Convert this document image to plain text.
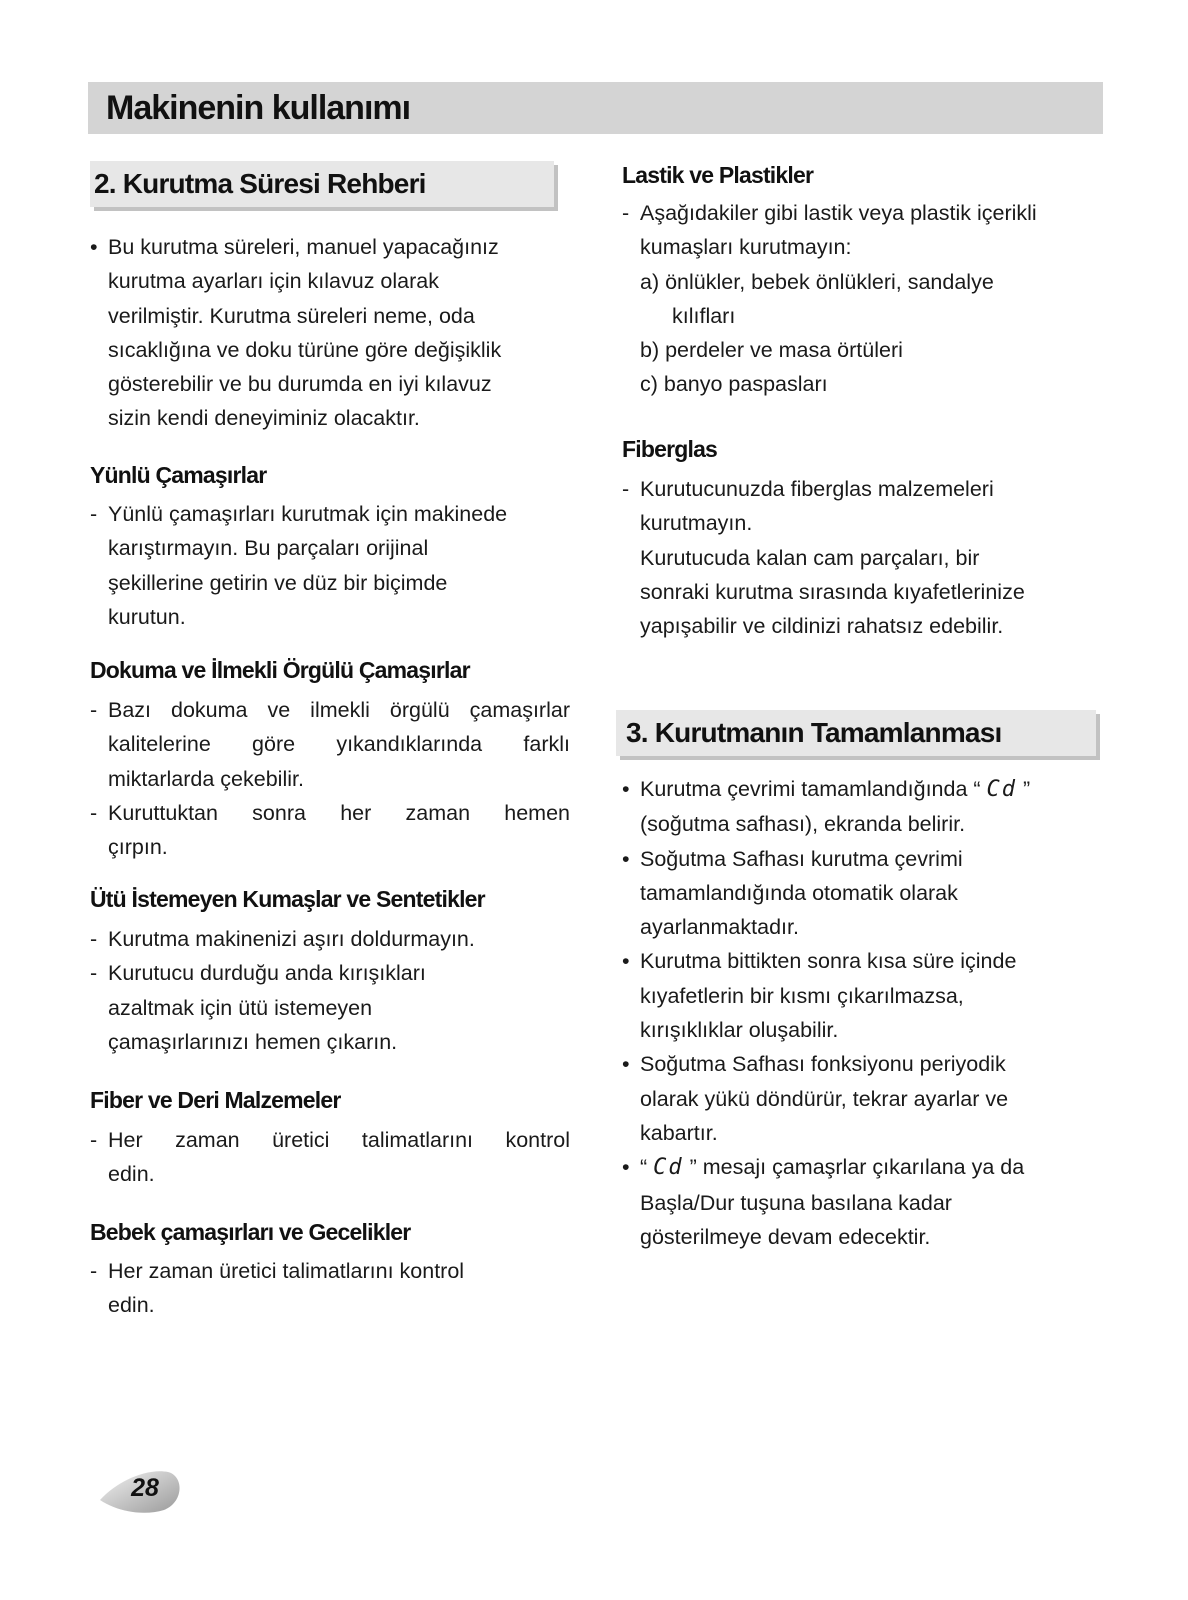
Makinenin kullanımı
2. Kurutma Süresi Rehberi
• Bu kurutma süreleri, manuel yapacağınız
kurutma ayarları için kılavuz olarak
verilmiştir. Kurutma süreleri neme, oda
sıcaklığına ve doku türüne göre değişiklik
gösterebilir ve bu durumda en iyi kılavuz
sizin kendi deneyiminiz olacaktır.
Yünlü Çamaşırlar
- Yünlü çamaşırları kurutmak için makinede
karıştırmayın. Bu parçaları orijinal
şekillerine getirin ve düz bir biçimde
kurutun.
Dokuma ve İlmekli Örgülü Çamaşırlar
- Bazı dokuma ve ilmekli örgülü çamaşırlar
kalitelerine göre yıkandıklarında farklı
miktarlarda çekebilir.
- Kuruttuktan sonra her zaman hemen
çırpın.
Ütü İstemeyen Kumaşlar ve Sentetikler
- Kurutma makinenizi aşırı doldurmayın.
- Kurutucu durduğu anda kırışıkları
azaltmak için ütü istemeyen
çamaşırlarınızı hemen çıkarın.
Fiber ve Deri Malzemeler
- Her zaman üretici talimatlarını kontrol
edin.
Bebek çamaşırları ve Gecelikler
- Her zaman üretici talimatlarını kontrol
edin.
Lastik ve Plastikler
- Aşağıdakiler gibi lastik veya plastik içerikli
kumaşları kurutmayın:
a) önlükler, bebek önlükleri, sandalye
kılıfları
b) perdeler ve masa örtüleri
c) banyo paspasları
Fiberglas
- Kurutucunuzda fiberglas malzemeleri
kurutmayın.
Kurutucuda kalan cam parçaları, bir
sonraki kurutma sırasında kıyafetlerinize
yapışabilir ve cildinizi rahatsız edebilir.
3. Kurutmanın Tamamlanması
• Kurutma çevrimi tamamlandığında “ Cd ”
(soğutma safhası), ekranda belirir.
• Soğutma Safhası kurutma çevrimi
tamamlandığında otomatik olarak
ayarlanmaktadır.
• Kurutma bittikten sonra kısa süre içinde
kıyafetlerin bir kısmı çıkarılmazsa,
kırışıklıklar oluşabilir.
• Soğutma Safhası fonksiyonu periyodik
olarak yükü döndürür, tekrar ayarlar ve
kabartır.
• “ Cd ” mesajı çamaşrlar çıkarılana ya da
Başla/Dur tuşuna basılana kadar
gösterilmeye devam edecektir.
28
